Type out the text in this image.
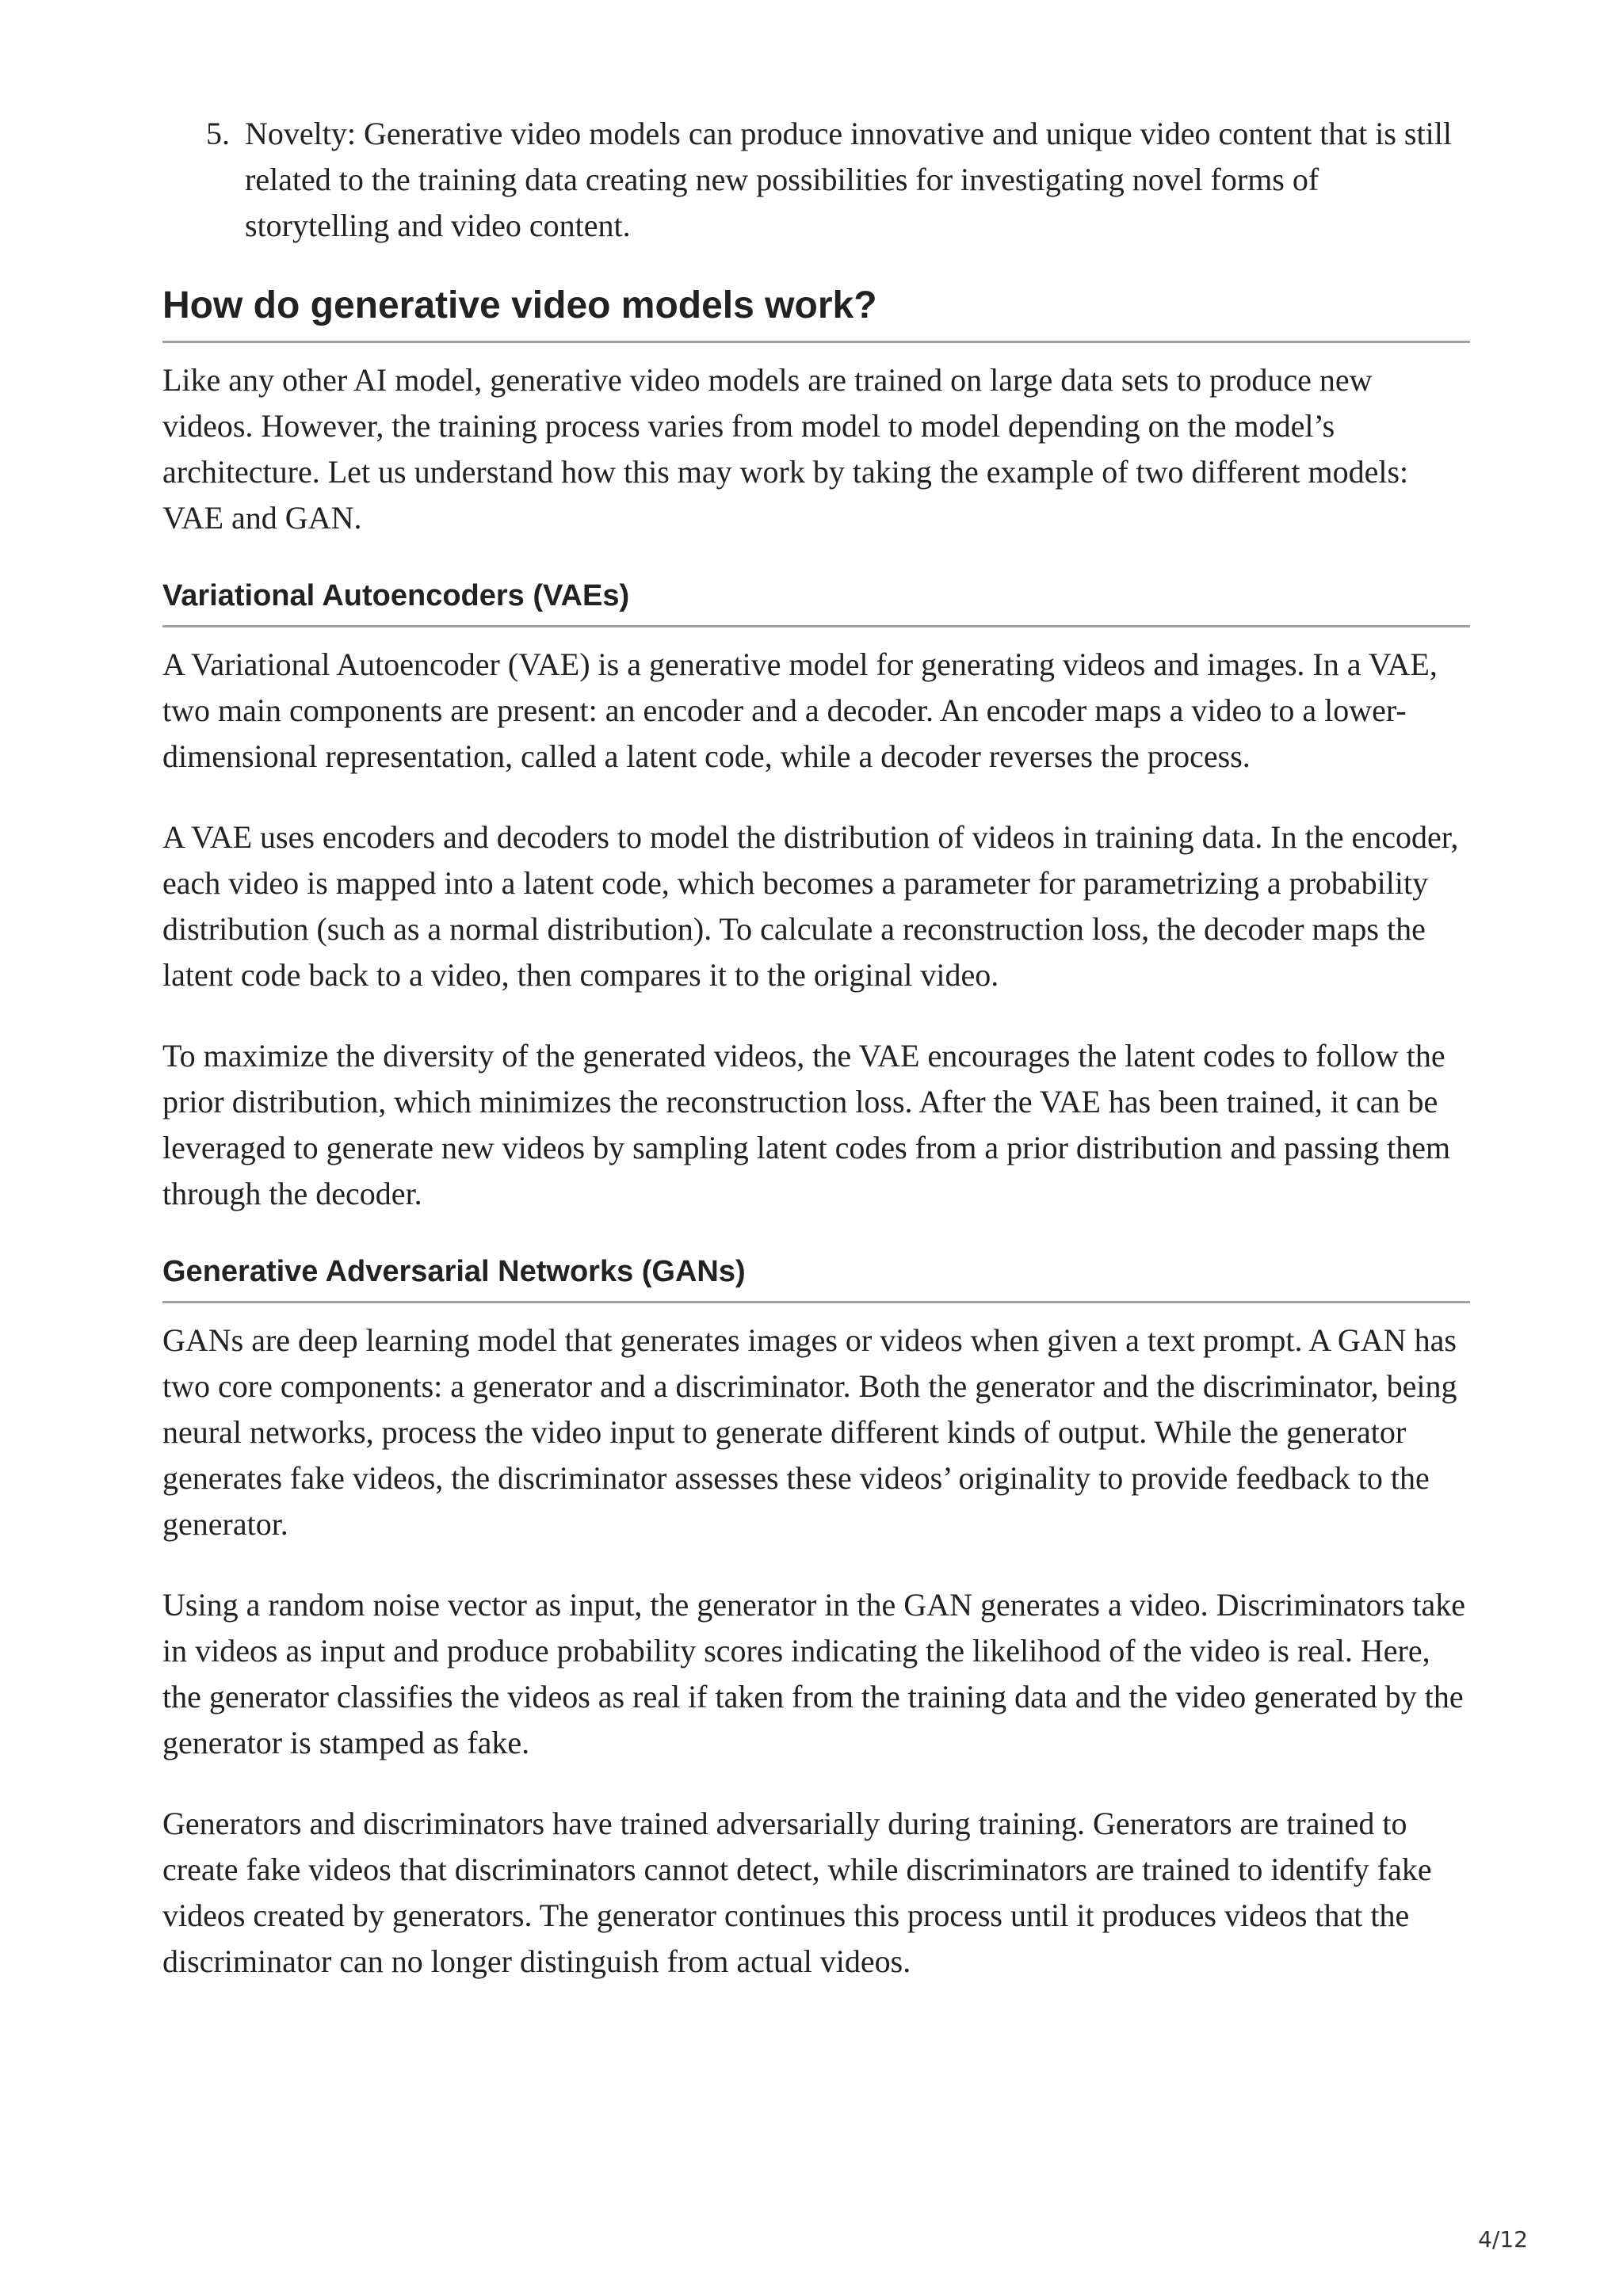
5. Novelty: Generative video models can produce innovative and unique video content that is still related to the training data creating new possibilities for investigating novel forms of storytelling and video content.
How do generative video models work?

Like any other AI model, generative video models are trained on large data sets to produce new videos. However, the training process varies from model to model depending on the model’s architecture. Let us understand how this may work by taking the example of two different models: VAE and GAN.

Variational Autoencoders (VAEs)

A Variational Autoencoder (VAE) is a generative model for generating videos and images. In a VAE, two main components are present: an encoder and a decoder. An encoder maps a video to a lower-dimensional representation, called a latent code, while a decoder reverses the process.

A VAE uses encoders and decoders to model the distribution of videos in training data. In the encoder, each video is mapped into a latent code, which becomes a parameter for parametrizing a probability distribution (such as a normal distribution). To calculate a reconstruction loss, the decoder maps the latent code back to a video, then compares it to the original video.

To maximize the diversity of the generated videos, the VAE encourages the latent codes to follow the prior distribution, which minimizes the reconstruction loss. After the VAE has been trained, it can be leveraged to generate new videos by sampling latent codes from a prior distribution and passing them through the decoder.

Generative Adversarial Networks (GANs)

GANs are deep learning model that generates images or videos when given a text prompt. A GAN has two core components: a generator and a discriminator. Both the generator and the discriminator, being neural networks, process the video input to generate different kinds of output. While the generator generates fake videos, the discriminator assesses these videos’ originality to provide feedback to the generator.

Using a random noise vector as input, the generator in the GAN generates a video. Discriminators take in videos as input and produce probability scores indicating the likelihood of the video is real. Here, the generator classifies the videos as real if taken from the training data and the video generated by the generator is stamped as fake.

Generators and discriminators have trained adversarially during training. Generators are trained to create fake videos that discriminators cannot detect, while discriminators are trained to identify fake videos created by generators. The generator continues this process until it produces videos that the discriminator can no longer distinguish from actual videos.

4/12
